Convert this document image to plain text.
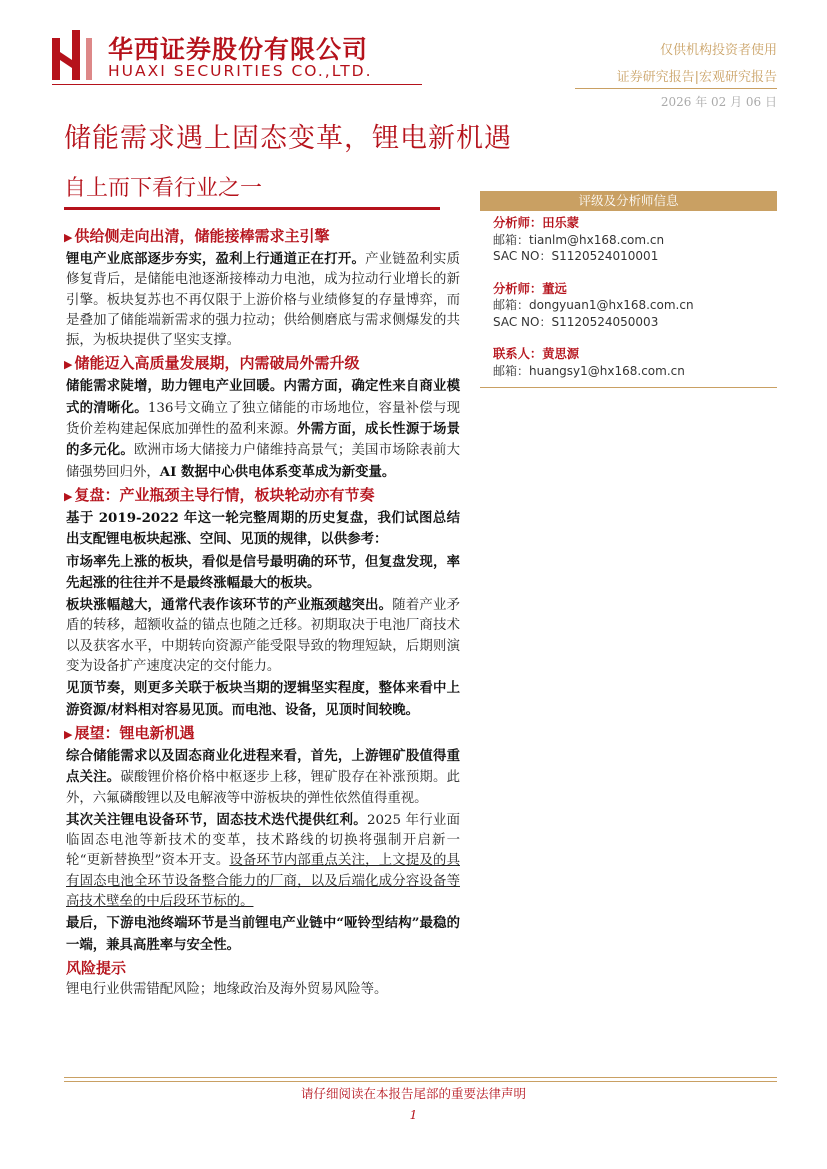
华西证券股份有限公司
HUAXI SECURITIES CO.,LTD.
仅供机构投资者使用
证券研究报告|宏观研究报告
2026 年 02 月 06 日
储能需求遇上固态变革，锂电新机遇
自上而下看行业之一
▶ 供给侧走向出清，储能接棒需求主引擎

锂电产业底部逐步夯实，盈利上行通道正在打开。产业链盈利实质修复背后，是储能电池逐渐接棒动力电池，成为拉动行业增长的新引擎。板块复苏也不再仅限于上游价格与业绩修复的存量博弈，而是叠加了储能端新需求的强力拉动；供给侧磨底与需求侧爆发的共振，为板块提供了坚实支撑。

▶ 储能迈入高质量发展期，内需破局外需升级

储能需求陡增，助力锂电产业回暖。内需方面，确定性来自商业模式的清晰化。136号文确立了独立储能的市场地位，容量补偿与现货价差构建起保底加弹性的盈利来源。外需方面，成长性源于场景的多元化。欧洲市场大储接力户储维持高景气；美国市场除表前大储强势回归外，AI 数据中心供电体系变革成为新变量。

▶ 复盘：产业瓶颈主导行情，板块轮动亦有节奏

基于 2019-2022 年这一轮完整周期的历史复盘，我们试图总结出支配锂电板块起涨、空间、见顶的规律，以供参考：

市场率先上涨的板块，看似是信号最明确的环节，但复盘发现，率先起涨的往往并不是最终涨幅最大的板块。

板块涨幅越大，通常代表作该环节的产业瓶颈越突出。随着产业矛盾的转移，超额收益的锚点也随之迁移。初期取决于电池厂商技术以及获客水平，中期转向资源产能受限导致的物理短缺，后期则演变为设备扩产速度决定的交付能力。

见顶节奏，则更多关联于板块当期的逻辑坚实程度，整体来看中上游资源/材料相对容易见顶。而电池、设备，见顶时间较晚。

▶ 展望：锂电新机遇

综合储能需求以及固态商业化进程来看，首先，上游锂矿股值得重点关注。碳酸锂价格价格中枢逐步上移，锂矿股存在补涨预期。此外，六氟磷酸锂以及电解液等中游板块的弹性依然值得重视。

其次关注锂电设备环节，固态技术迭代提供红利。2025 年行业面临固态电池等新技术的变革，技术路线的切换将强制开启新一轮“更新替换型”资本开支。设备环节内部重点关注，上文提及的具有固态电池全环节设备整合能力的厂商，以及后端化成分容设备等高技术壁垒的中后段环节标的。

最后，下游电池终端环节是当前锂电产业链中“哑铃型结构”最稳的一端，兼具高胜率与安全性。

风险提示

锂电行业供需错配风险；地缘政治及海外贸易风险等。

评级及分析师信息
分析师：田乐蒙
邮箱：tianlm@hx168.com.cn
SAC NO：S1120524010001
分析师：董远
邮箱：dongyuan1@hx168.com.cn
SAC NO：S1120524050003
联系人：黄思源
邮箱：huangsy1@hx168.com.cn
请仔细阅读在本报告尾部的重要法律声明
1
